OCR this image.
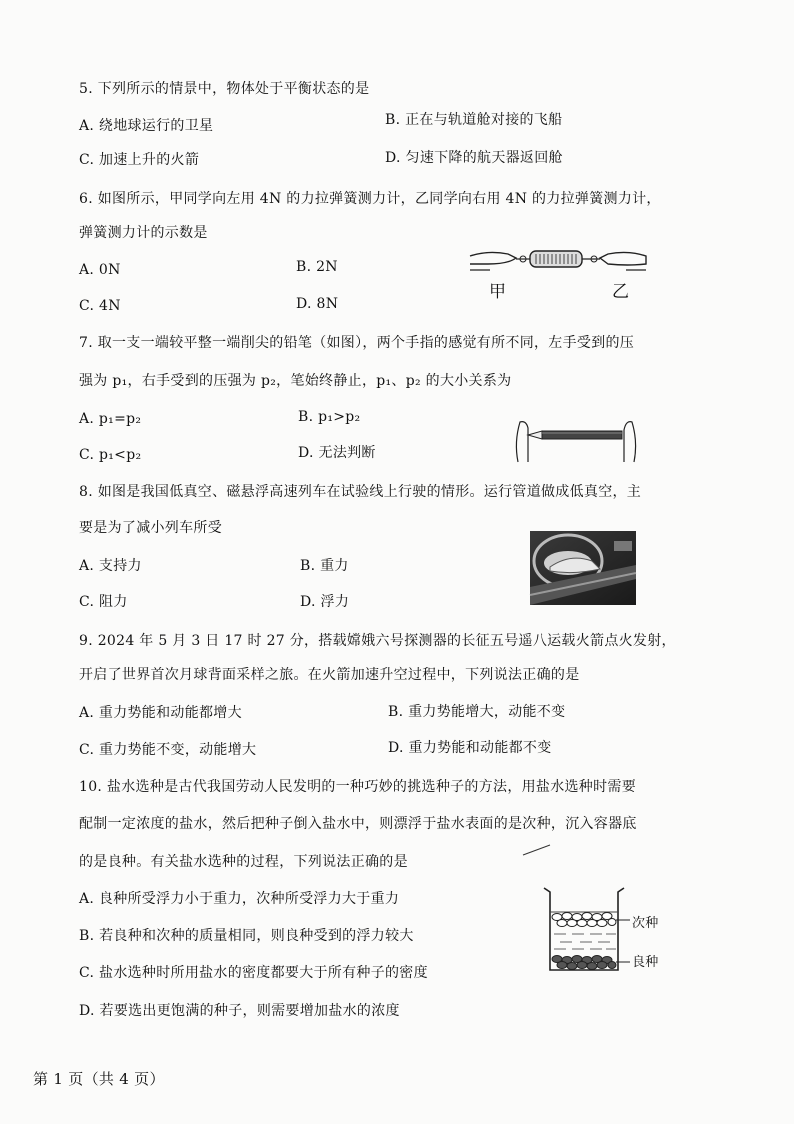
5. 下列所示的情景中，物体处于平衡状态的是
A. 绕地球运行的卫星	B. 正在与轨道舱对接的飞船
C. 加速上升的火箭	D. 匀速下降的航天器返回舱
6. 如图所示，甲同学向左用 4N 的力拉弹簧测力计，乙同学向右用 4N 的力拉弹簧测力计，
弹簧测力计的示数是
A. 0N	B. 2N
C. 4N	D. 8N
甲	乙
7. 取一支一端较平整一端削尖的铅笔（如图），两个手指的感觉有所不同，左手受到的压
强为 p₁，右手受到的压强为 p₂，笔始终静止，p₁、p₂ 的大小关系为
A. p₁=p₂	B. p₁>p₂
C. p₁<p₂	D. 无法判断
8. 如图是我国低真空、磁悬浮高速列车在试验线上行驶的情形。运行管道做成低真空，主
要是为了减小列车所受
A. 支持力	B. 重力
C. 阻力	D. 浮力
9. 2024 年 5 月 3 日 17 时 27 分，搭载嫦娥六号探测器的长征五号遥八运载火箭点火发射，
开启了世界首次月球背面采样之旅。在火箭加速升空过程中，下列说法正确的是
A. 重力势能和动能都增大	B. 重力势能增大，动能不变
C. 重力势能不变，动能增大	D. 重力势能和动能都不变
10. 盐水选种是古代我国劳动人民发明的一种巧妙的挑选种子的方法，用盐水选种时需要
配制一定浓度的盐水，然后把种子倒入盐水中，则漂浮于盐水表面的是次种，沉入容器底
的是良种。有关盐水选种的过程，下列说法正确的是
A. 良种所受浮力小于重力，次种所受浮力大于重力
B. 若良种和次种的质量相同，则良种受到的浮力较大
C. 盐水选种时所用盐水的密度都要大于所有种子的密度
D. 若要选出更饱满的种子，则需要增加盐水的浓度
次种
良种
第 1 页（共 4 页）
